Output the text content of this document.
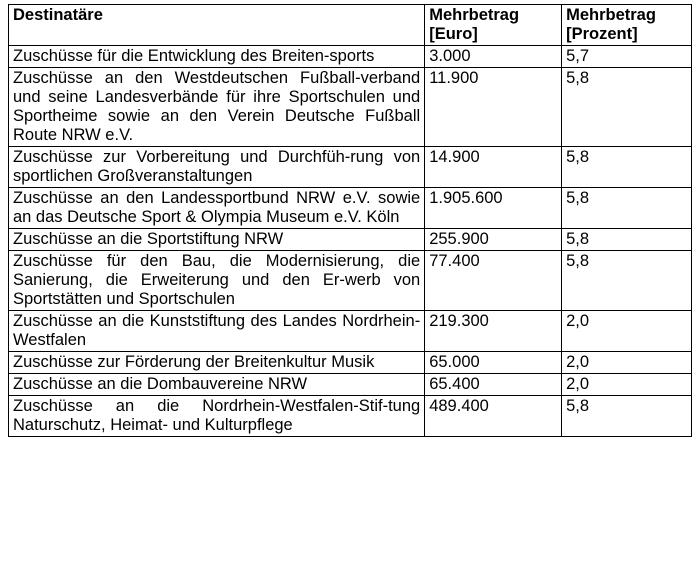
Destinatäre	Mehrbetrag [Euro]	Mehrbetrag [Prozent]
Zuschüsse für die Entwicklung des Breiten-sports	3.000	5,7
Zuschüsse an den Westdeutschen Fußball-verband und seine Landesverbände für ihre Sportschulen und Sportheime sowie an den Verein Deutsche Fußball Route NRW e.V.	11.900	5,8
Zuschüsse zur Vorbereitung und Durchfüh-rung von sportlichen Großveranstaltungen	14.900	5,8
Zuschüsse an den Landessportbund NRW e.V. sowie an das Deutsche Sport & Olympia Museum e.V. Köln	1.905.600	5,8
Zuschüsse an die Sportstiftung NRW	255.900	5,8
Zuschüsse für den Bau, die Modernisierung, die Sanierung, die Erweiterung und den Er-werb von Sportstätten und Sportschulen	77.400	5,8
Zuschüsse an die Kunststiftung des Landes Nordrhein-Westfalen	219.300	2,0
Zuschüsse zur Förderung der Breitenkultur Musik	65.000	2,0
Zuschüsse an die Dombauvereine NRW	65.400	2,0
Zuschüsse an die Nordrhein-Westfalen-Stif-tung Naturschutz, Heimat- und Kulturpflege	489.400	5,8
